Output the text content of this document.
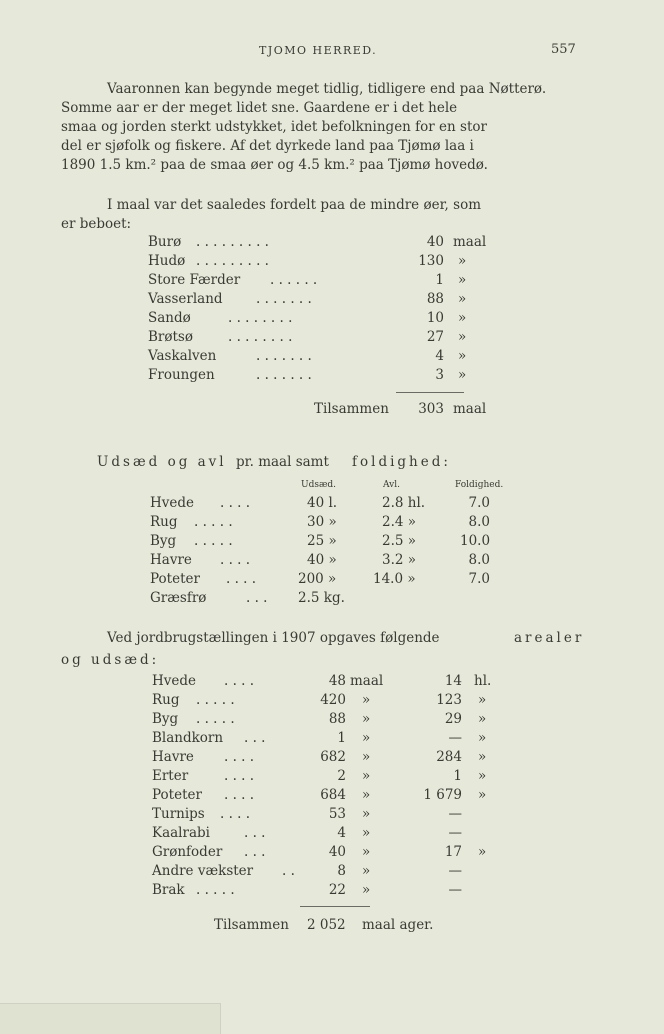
TJOMO HERRED.	557
Vaaronnen kan begynde meget tidlig, tidligere end paa Nøtterø.
Somme aar er der meget lidet sne. Gaardene er i det hele
smaa og jorden sterkt udstykket, idet befolkningen for en stor
del er sjøfolk og fiskere. Af det dyrkede land paa Tjømø laa i
1890 1.5 km.² paa de smaa øer og 4.5 km.² paa Tjømø hovedø.
I maal var det saaledes fordelt paa de mindre øer, som
er beboet:
Burø . . . . . . . . .	40 maal
Hudø . . . . . . . . .	130 »
Store Færder . . . . . .	1 »
Vasserland . . . . . . .	88 »
Sandø	. . . . . . . .	10 »
Brøtsø	. . . . . . . .	27 »
Vaskalven	. . . . . . .	4 »
Froungen	. . . . . . .	3 »
Tilsammen	303 maal
Udsæd og avl pr. maal samt foldighed:
Udsæd.	Avl.	Foldighed.
Hvede . . . .	40 l.	2.8 hl.	7.0
Rug . . . . .	30 »	2.4 »	8.0
Byg . . . . .	25 »	2.5 »	10.0
Havre . . . .	40 »	3.2 »	8.0
Poteter . . . .	200 »	14.0 »	7.0
Græsfrø	. . . 2.5 kg.
Ved jordbrugstællingen i 1907 opgaves følgende	arealer
og udsæd:
Hvede . . . .	48 maal	14 hl.
Rug . . . . .	420 »	123 »
Byg . . . . .	88 »	29 »
Blandkorn . . .	1 »	— »
Havre . . . .	682 »	284 »
Erter	. . . .	2 »	1 »
Poteter . . . .	684 »	1 679 »
Turnips . . . .	53 »	—
Kaalrabi	. . .	4 »	—
Grønfoder . . .	40 »	17 »
Andre vækster . .	8 »	—
Brak . . . . .	22 »	—
Tilsammen 2 052 maal ager.
